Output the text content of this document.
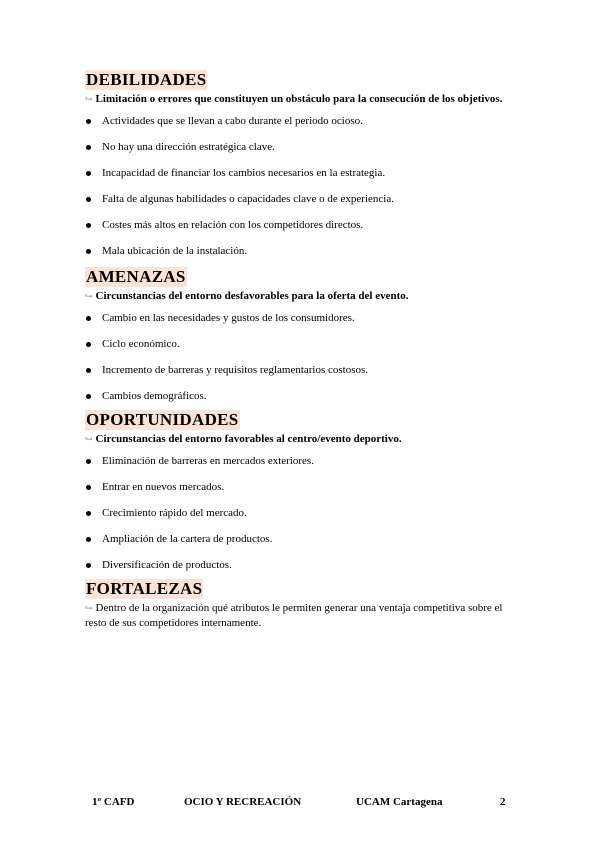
DEBILIDADES

↪ Limitación o errores que constituyen un obstáculo para la consecución de los objetivos.

Actividades que se llevan a cabo durante el periodo ocioso.
No hay una dirección estratégica clave.
Incapacidad de financiar los cambios necesarios en la estrategia.
Falta de algunas habilidades o capacidades clave o de experiencia.
Costes más altos en relación con los competidores directos.
Mala ubicación de la instalación.
AMENAZAS

↪ Circunstancias del entorno desfavorables para la oferta del evento.

Cambio en las necesidades y gustos de los consumidores.
Ciclo económico.
Incremento de barreras y requisitos reglamentarios costosos.
Cambios demográficos.
OPORTUNIDADES

↪ Circunstancias del entorno favorables al centro/evento deportivo.

Eliminación de barreras en mercados exteriores.
Entrar en nuevos mercados.
Crecimiento rápido del mercado.
Ampliación de la cartera de productos.
Diversificación de productos.
FORTALEZAS

↪ Dentro de la organización qué atributos le permiten generar una ventaja competitiva sobre el resto de sus competidores internamente.

1º CAFD	OCIO Y RECREACIÓN	UCAM Cartagena	2
